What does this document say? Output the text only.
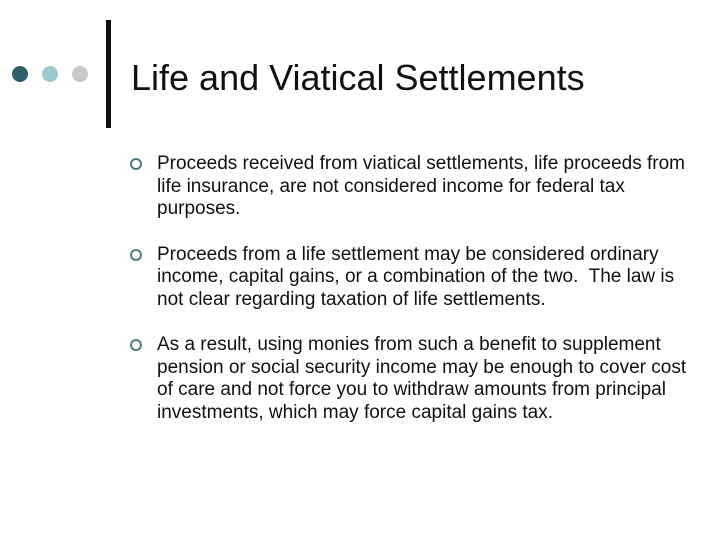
Life and Viatical Settlements
Proceeds received from viatical settlements, life proceeds from life insurance, are not considered income for federal tax purposes.
Proceeds from a life settlement may be considered ordinary income, capital gains, or a combination of the two.  The law is not clear regarding taxation of life settlements.
As a result, using monies from such a benefit to supplement pension or social security income may be enough to cover cost of care and not force you to withdraw amounts from principal investments, which may force capital gains tax.
